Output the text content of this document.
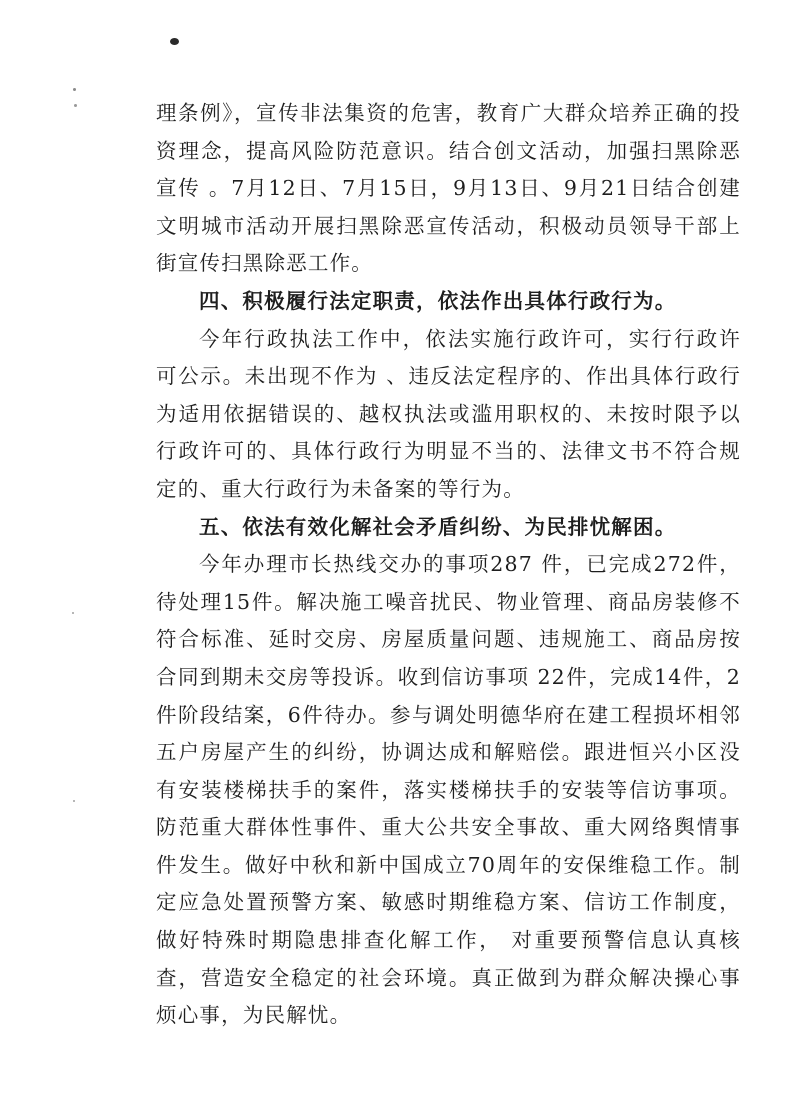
理条例》，宣传非法集资的危害，教育广大群众培养正确的投资理念，提高风险防范意识。结合创文活动，加强扫黑除恶宣传 。7月12日、7月15日，9月13日、9月21日结合创建文明城市活动开展扫黑除恶宣传活动，积极动员领导干部上街宣传扫黑除恶工作。

四、积极履行法定职责，依法作出具体行政行为。

今年行政执法工作中，依法实施行政许可，实行行政许可公示。未出现不作为 、违反法定程序的、作出具体行政行为适用依据错误的、越权执法或滥用职权的、未按时限予以行政许可的、具体行政行为明显不当的、法律文书不符合规定的、重大行政行为未备案的等行为。

五、依法有效化解社会矛盾纠纷、为民排忧解困。

今年办理市长热线交办的事项287 件，已完成272件，待处理15件。解决施工噪音扰民、物业管理、商品房装修不符合标准、延时交房、房屋质量问题、违规施工、商品房按合同到期未交房等投诉。收到信访事项 22件，完成14件，2件阶段结案，6件待办。参与调处明德华府在建工程损坏相邻五户房屋产生的纠纷，协调达成和解赔偿。跟进恒兴小区没有安装楼梯扶手的案件，落实楼梯扶手的安装等信访事项。防范重大群体性事件、重大公共安全事故、重大网络舆情事件发生。做好中秋和新中国成立70周年的安保维稳工作。制定应急处置预警方案、敏感时期维稳方案、信访工作制度，做好特殊时期隐患排查化解工作， 对重要预警信息认真核查，营造安全稳定的社会环境。真正做到为群众解决操心事烦心事，为民解忧。
